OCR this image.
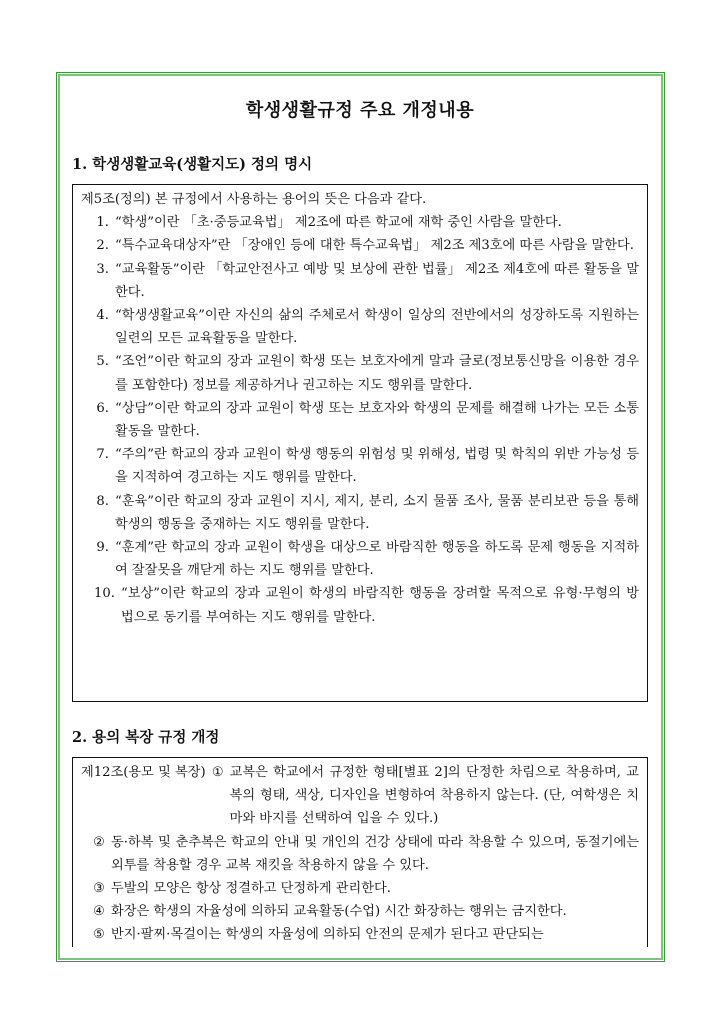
학생생활규정 주요 개정내용
1. 학생생활교육(생활지도) 정의 명시
제5조(정의) 본 규정에서 사용하는 용어의 뜻은 다음과 같다.
1. “학생”이란 「초·중등교육법」 제2조에 따른 학교에 재학 중인 사람을 말한다.
2. “특수교육대상자”란 「장애인 등에 대한 특수교육법」 제2조 제3호에 따른 사람을 말한다.
3. “교육활동”이란 「학교안전사고 예방 및 보상에 관한 법률」 제2조 제4호에 따른 활동을 말한다.
4. “학생생활교육”이란 자신의 삶의 주체로서 학생이 일상의 전반에서의 성장하도록 지원하는 일련의 모든 교육활동을 말한다.
5. “조언”이란 학교의 장과 교원이 학생 또는 보호자에게 말과 글로(정보통신망을 이용한 경우를 포함한다) 정보를 제공하거나 권고하는 지도 행위를 말한다.
6. “상담”이란 학교의 장과 교원이 학생 또는 보호자와 학생의 문제를 해결해 나가는 모든 소통 활동을 말한다.
7. “주의”란 학교의 장과 교원이 학생 행동의 위험성 및 위해성, 법령 및 학칙의 위반 가능성 등을 지적하여 경고하는 지도 행위를 말한다.
8. “훈육”이란 학교의 장과 교원이 지시, 제지, 분리, 소지 물품 조사, 물품 분리보관 등을 통해 학생의 행동을 중재하는 지도 행위를 말한다.
9. “훈계”란 학교의 장과 교원이 학생을 대상으로 바람직한 행동을 하도록 문제 행동을 지적하여 잘잘못을 깨닫게 하는 지도 행위를 말한다.
10. “보상”이란 학교의 장과 교원이 학생의 바람직한 행동을 장려할 목적으로 유형·무형의 방법으로 동기를 부여하는 지도 행위를 말한다.
2. 용의 복장 규정 개정
제12조(용모 및 복장) ① 교복은 학교에서 규정한 형태[별표 2]의 단정한 차림으로 착용하며, 교복의 형태, 색상, 디자인을 변형하여 착용하지 않는다. (단, 여학생은 치마와 바지를 선택하여 입을 수 있다.)
② 동·하복 및 춘추복은 학교의 안내 및 개인의 건강 상태에 따라 착용할 수 있으며, 동절기에는 외투를 착용할 경우 교복 재킷을 착용하지 않을 수 있다.
③ 두발의 모양은 항상 정결하고 단정하게 관리한다.
④ 화장은 학생의 자율성에 의하되 교육활동(수업) 시간 화장하는 행위는 금지한다.
⑤ 반지·팔찌·목걸이는 학생의 자율성에 의하되 안전의 문제가 된다고 판단되는
